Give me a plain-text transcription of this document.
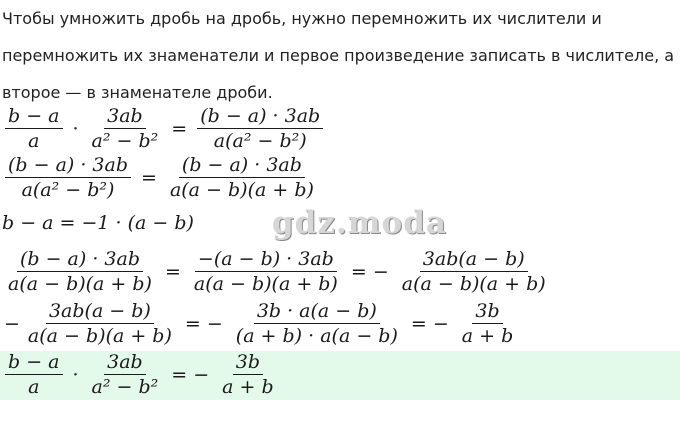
Чтобы умножить дробь на дробь, нужно перемножить их числители и перемножить их знаменатели и первое произведение записать в числителе, а второе — в знаменателе дроби.

$\frac{b - a}{a} \cdot \frac{3ab}{\text{a² − b²}} = \frac{(b - a) \cdot 3ab}{\text{a(a² − b²)}}$
$\frac{(b - a) \cdot 3ab}{\text{a(a² − b²)}} = \frac{(b - a) \cdot 3ab}{a(a - b)(a + b)}$
b − a = −1 · (a − b)	gdz.moda
$\frac{(b - a) \cdot 3ab}{a(a - b)(a + b)} = \frac{-(a - b) \cdot 3ab}{a(a - b)(a + b)}$ = − $\frac{3ab(a - b)}{a(a - b)(a + b)}$
− $\frac{3ab(a - b)}{a(a - b)(a + b)}$ = − $\frac{3b \cdot a(a - b)}{(a + b) \cdot a(a - b)}$ = − $\frac{3b}{a + b}$
$\frac{b - a}{a} \cdot \frac{3ab}{\text{a² − b²}}$ = − $\frac{3b}{a + b}$
